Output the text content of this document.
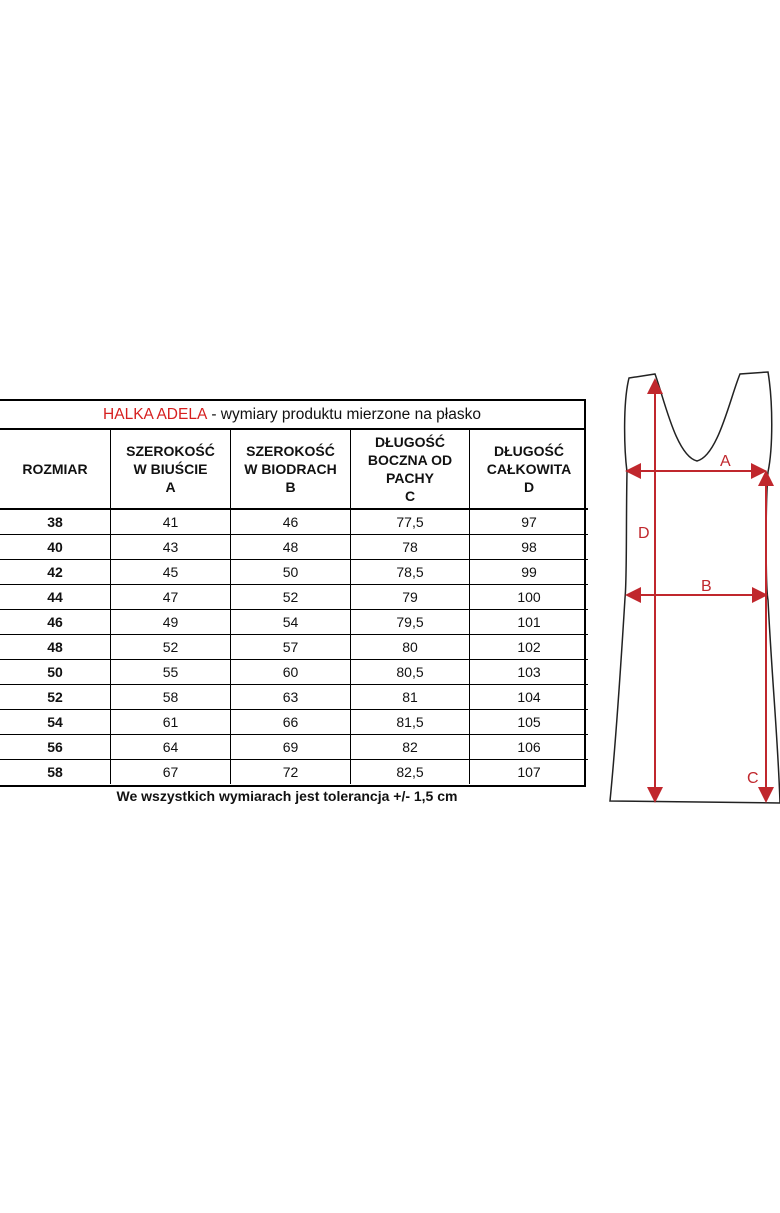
HALKA ADELA - wymiary produktu mierzone na płasko
ROZMIAR	SZEROKOŚĆ
W BIUŚCIE
A	SZEROKOŚĆ
W BIODRACH
B	DŁUGOŚĆ
BOCZNA OD
PACHY
C	DŁUGOŚĆ
CAŁKOWITA
D

38	41	46	77,5	97
40	43	48	78	98
42	45	50	78,5	99
44	47	52	79	100
46	49	54	79,5	101
48	52	57	80	102
50	55	60	80,5	103
52	58	63	81	104
54	61	66	81,5	105
56	64	69	82	106
58	67	72	82,5	107
We wszystkich wymiarach jest tolerancja +/- 1,5 cm
A
B
C
D
